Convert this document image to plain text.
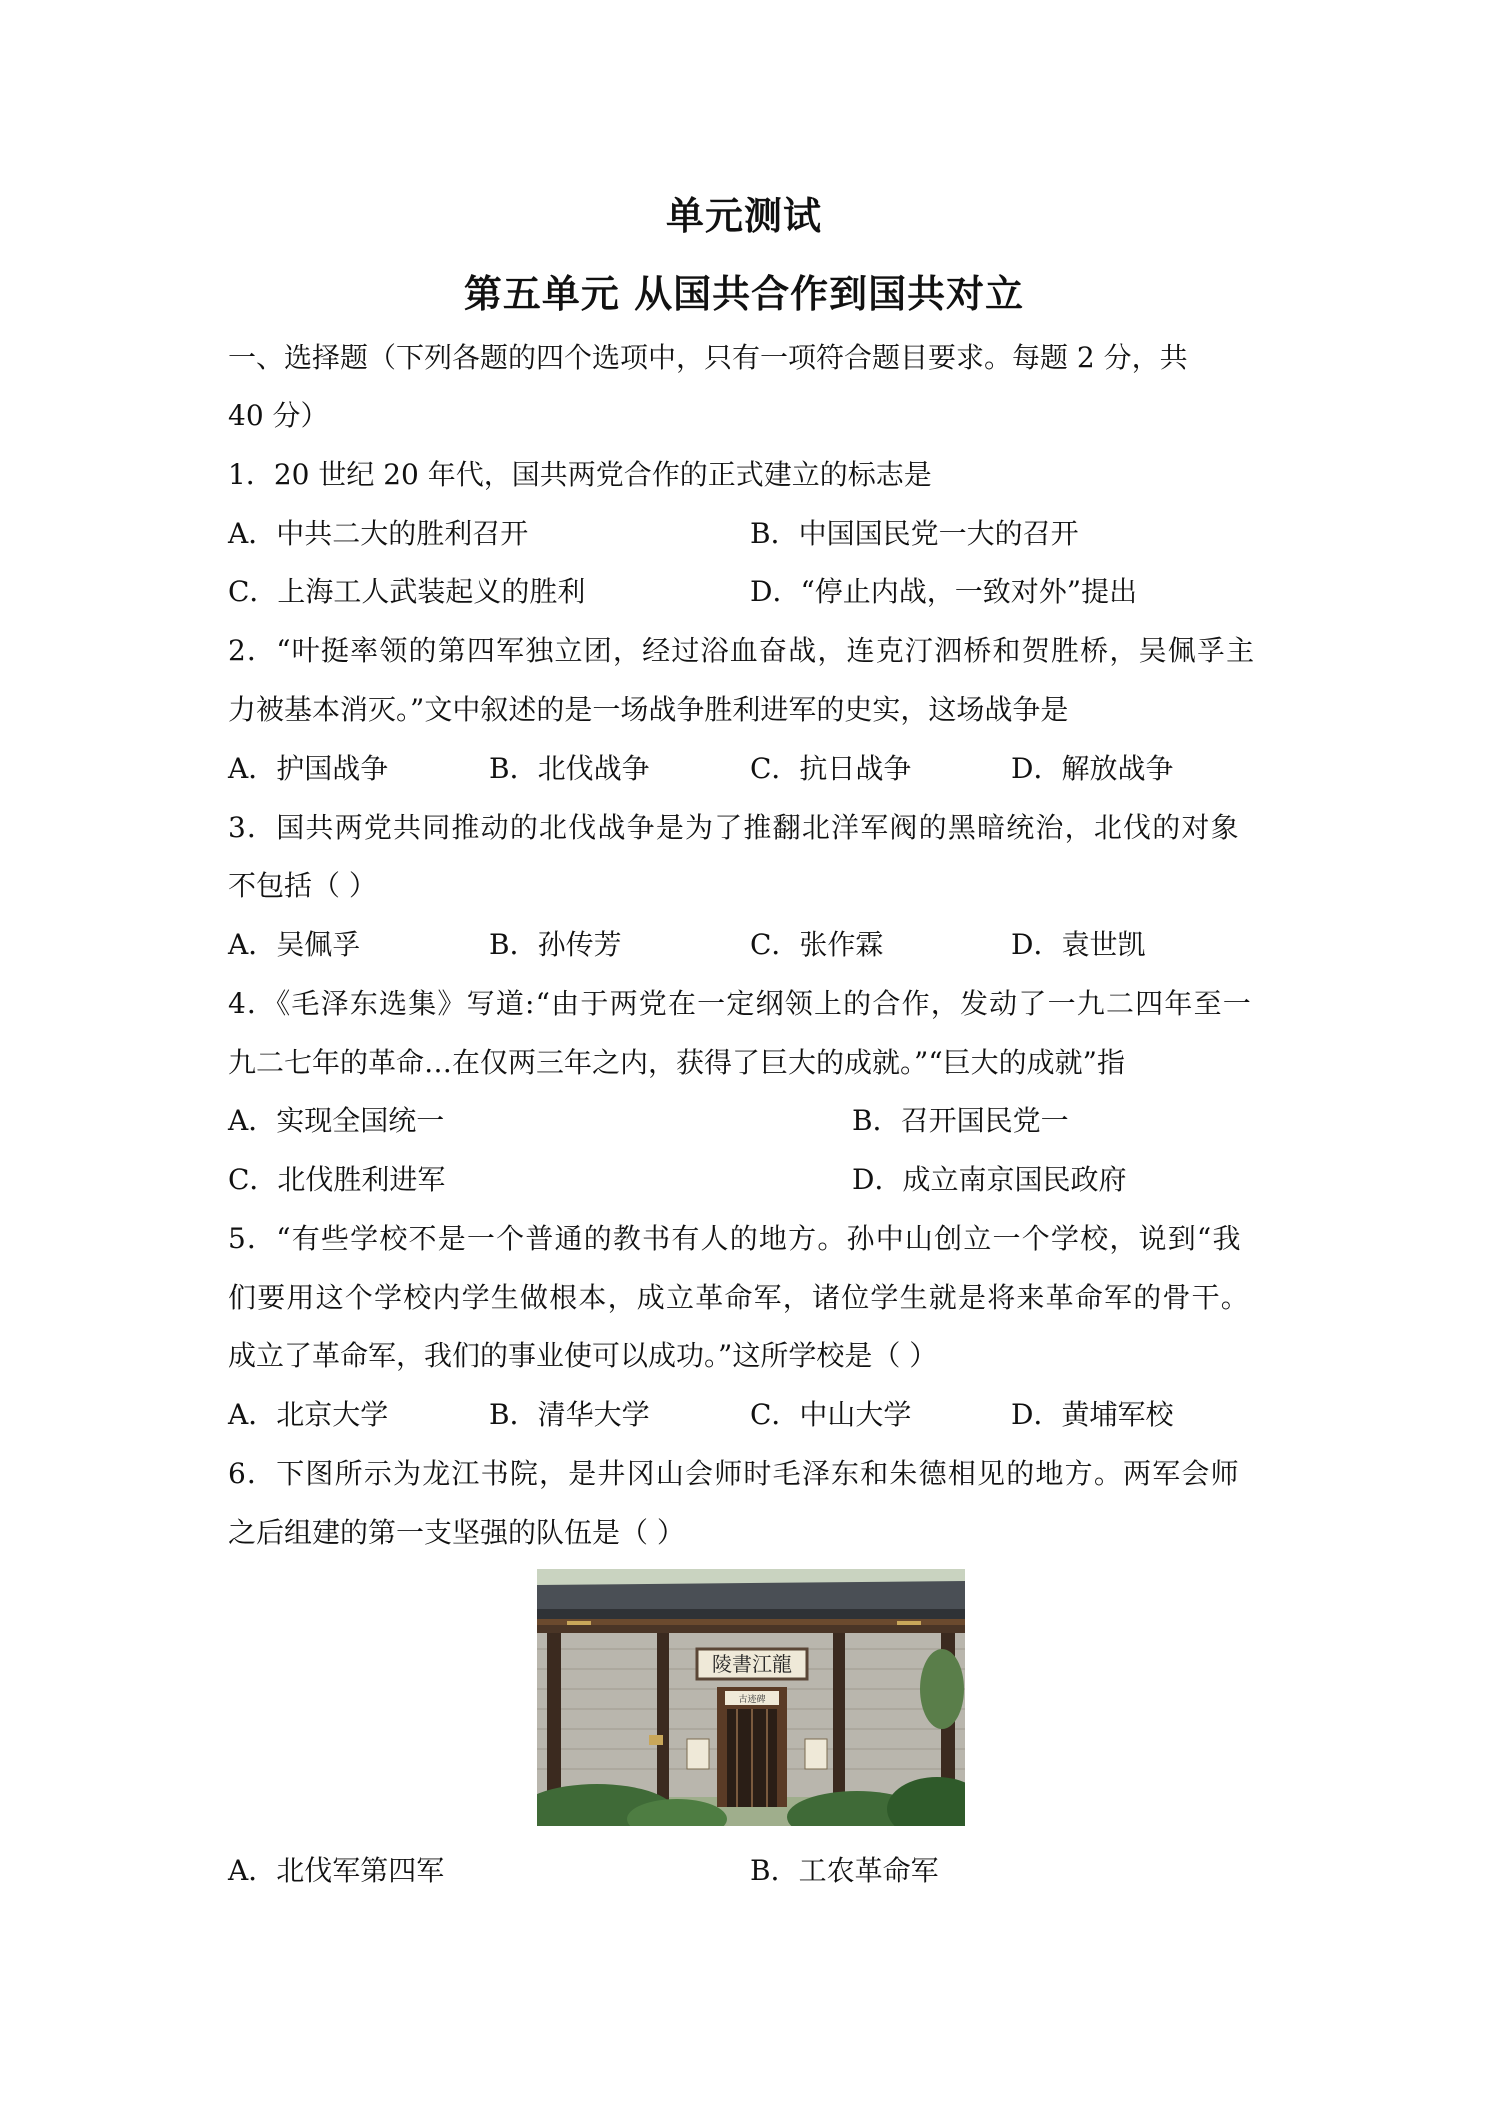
单元测试
第五单元 从国共合作到国共对立
一、选择题（下列各题的四个选项中，只有一项符合题目要求。每题 2 分，共
40 分）
1．20 世纪 20 年代，国共两党合作的正式建立的标志是
A．中共二大的胜利召开	B．中国国民党一大的召开
C．上海工人武装起义的胜利	D．“停止内战，一致对外”提出
2．“叶挺率领的第四军独立团，经过浴血奋战，连克汀泗桥和贺胜桥，吴佩孚主
力被基本消灭。”文中叙述的是一场战争胜利进军的史实，这场战争是
A．护国战争	B．北伐战争	C．抗日战争	D．解放战争
3．国共两党共同推动的北伐战争是为了推翻北洋军阀的黑暗统治，北伐的对象
不包括（ ）
A．吴佩孚	B．孙传芳	C．张作霖	D．袁世凯
4．《毛泽东选集》写道:“由于两党在一定纲领上的合作，发动了一九二四年至一
九二七年的革命…在仅两三年之内，获得了巨大的成就。”“巨大的成就”指
A．实现全国统一	B．召开国民党一
C．北伐胜利进军	D．成立南京国民政府
5．“有些学校不是一个普通的教书有人的地方。孙中山创立一个学校，说到“我
们要用这个学校内学生做根本，成立革命军，诸位学生就是将来革命军的骨干。
成立了革命军，我们的事业使可以成功。”这所学校是（ ）
A．北京大学	B．清华大学	C．中山大学	D．黄埔军校
6．下图所示为龙江书院，是井冈山会师时毛泽东和朱德相见的地方。两军会师
之后组建的第一支坚强的队伍是（ ）
陵書江龍
古迹碑
A．北伐军第四军	B．工农革命军
